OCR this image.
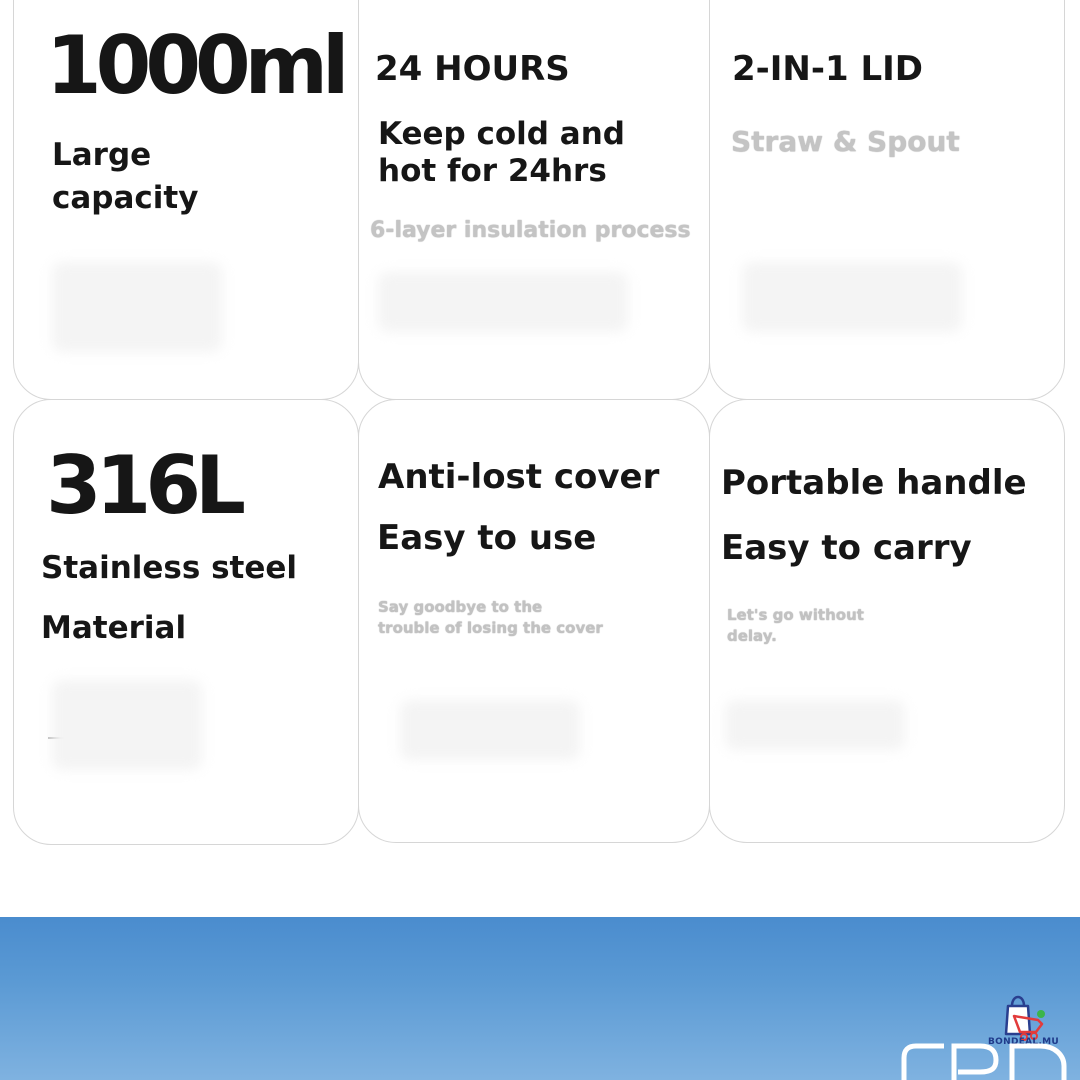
1000ml

Large

capacity

24 HOURS

Keep cold and

hot for 24hrs

6-layer insulation process

2-IN-1 LID

Straw & Spout

316L

Stainless steel

Material

Anti-lost cover

Easy to use

Say goodbye to the trouble of losing the cover

Portable handle

Easy to carry

Let's go without delay.

BONDEAL.MU
